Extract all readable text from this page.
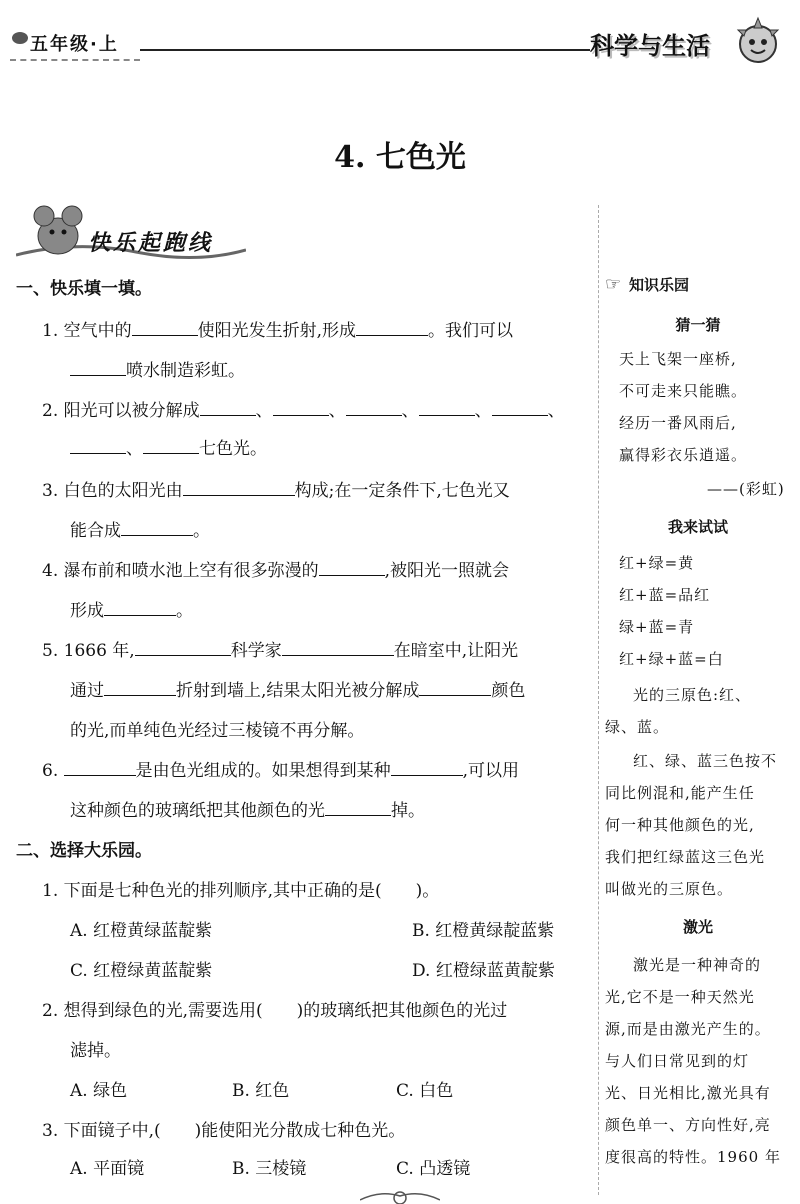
五年级·上	科学与生活
4. 七色光
快乐起跑线
一、快乐填一填。
1. 空气中的	使阳光发生折射,形成	。我们可以
喷水制造彩虹。
2. 阳光可以被分解成	、	、	、	、	、
、	七色光。
3. 白色的太阳光由	构成;在一定条件下,七色光又
能合成	。
4. 瀑布前和喷水池上空有很多弥漫的	,被阳光一照就会
形成	。
5. 1666 年,	科学家	在暗室中,让阳光
通过	折射到墙上,结果太阳光被分解成	颜色
的光,而单纯色光经过三棱镜不再分解。
6.	是由色光组成的。如果想得到某种	,可以用
这种颜色的玻璃纸把其他颜色的光	掉。
二、选择大乐园。
1. 下面是七种色光的排列顺序,其中正确的是(　　)。
A. 红橙黄绿蓝靛紫	B. 红橙黄绿靛蓝紫
C. 红橙绿黄蓝靛紫	D. 红橙绿蓝黄靛紫
2. 想得到绿色的光,需要选用(　　)的玻璃纸把其他颜色的光过
滤掉。
A. 绿色	B. 红色	C. 白色
3. 下面镜子中,(　　)能使阳光分散成七种色光。
A. 平面镜	B. 三棱镜	C. 凸透镜
☞ 知识乐园
猜一猜
天上飞架一座桥,
不可走来只能瞧。
经历一番风雨后,
赢得彩衣乐逍遥。
——(彩虹)
我来试试
红+绿=黄
红+蓝=品红
绿+蓝=青
红+绿+蓝=白
光的三原色:红、
绿、蓝。
红、绿、蓝三色按不
同比例混和,能产生任
何一种其他颜色的光,
我们把红绿蓝这三色光
叫做光的三原色。
激光
激光是一种神奇的
光,它不是一种天然光
源,而是由激光产生的。
与人们日常见到的灯
光、日光相比,激光具有
颜色单一、方向性好,亮
度很高的特性。1960 年
